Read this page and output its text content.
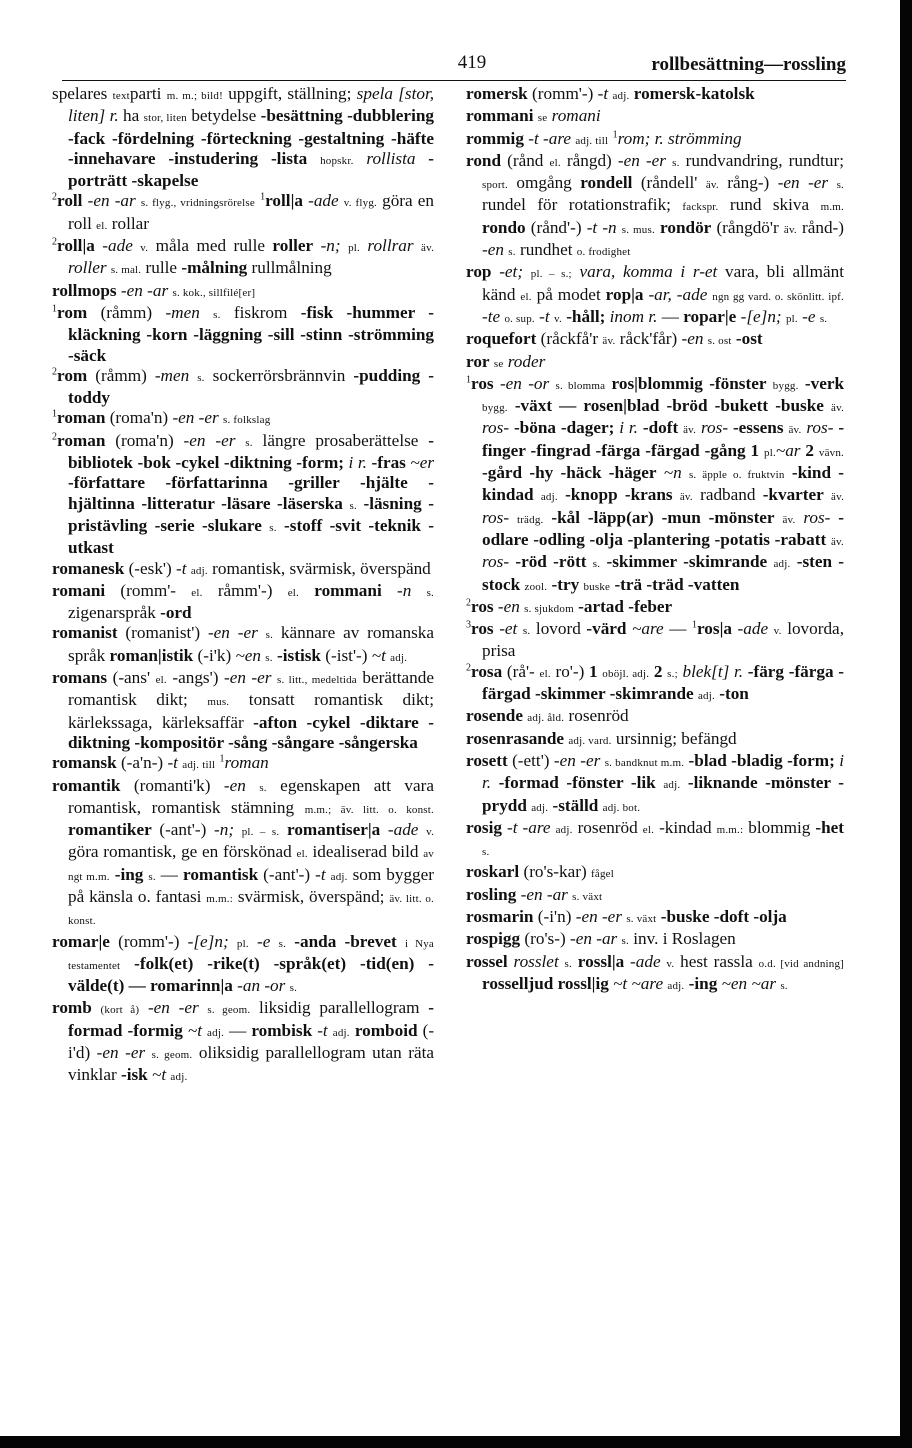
419	rollbesättning—rossling

spelares textparti m. m.; bild! uppgift, ställning; spela [stor, liten] r. ha stor, liten betydelse -besättning -dubblering -fack -fördelning -förteckning -gestaltning -häfte -innehavare -instudering -lista hopskr. rollista -porträtt -skapelse

$^2$roll -en -ar s. flyg., vridningsrörelse $^1$roll|a -ade v. flyg. göra en roll el. rollar

$^2$roll|a -ade v. måla med rulle roller -n; pl. rollrar äv. roller s. mal. rulle -målning rullmålning

rollmops -en -ar s. kok., sillfilé[er]

$^1$rom (råmm) -men s. fiskrom -fisk -hummer -kläckning -korn -läggning -sill -stinn -strömming -säck

$^2$rom (råmm) -men s. sockerrörsbrännvin -pudding -toddy

$^1$roman (roma'n) -en -er s. folkslag

$^2$roman (roma'n) -en -er s. längre prosaberättelse -bibliotek -bok -cykel -diktning -form; i r. -fras ~er -författare -författarinna -griller -hjälte -hjältinna -litteratur -läsare -läserska s. -läsning -pristävling -serie -slukare s. -stoff -svit -teknik -utkast

romanesk (-esk') -t adj. romantisk, svärmisk, överspänd

romani (romm'- el. råmm'-) el. rommani -n s. zigenarspråk -ord

romanist (romanist') -en -er s. kännare av romanska språk roman|istik (-i'k) ~en s. -istisk (-ist'-) ~t adj.

romans (-ans' el. -angs') -en -er s. litt., medeltida berättande romantisk dikt; mus. tonsatt romantisk dikt; kärlekssaga, kärleksaffär -afton -cykel -diktare -diktning -kompositör -sång -sångare -sångerska

romansk (-a'n-) -t adj. till $^1$roman

romantik (romanti'k) -en s. egenskapen att vara romantisk, romantisk stämning m.m.; äv. litt. o. konst. romantiker (-ant'-) -n; pl. – s. romantiser|a -ade v. göra romantisk, ge en förskönad el. idealiserad bild av ngt m.m. -ing s. — romantisk (-ant'-) -t adj. som bygger på känsla o. fantasi m.m.: svärmisk, överspänd; äv. litt. o. konst.

romar|e (romm'-) -[e]n; pl. -e s. -anda -brevet i Nya testamentet -folk(et) -rike(t) -språk(et) -tid(en) -välde(t) — romarinn|a -an -or s.

romb (kort å) -en -er s. geom. liksidig parallellogram -formad -formig ~t adj. — rombisk -t adj. romboid (-i'd) -en -er s. geom. oliksidig parallellogram utan räta vinklar -isk ~t adj.

romersk (romm'-) -t adj. romersk-katolsk

rommani se romani

rommig -t -are adj. till $^1$rom; r. strömming

rond (rånd el. rångd) -en -er s. rundvandring, rundtur; sport. omgång rondell (råndell' äv. rång-) -en -er s. rundel för rotationstrafik; fackspr. rund skiva m.m. rondo (rånd'-) -t -n s. mus. rondör (rångdö'r äv. rånd-) -en s. rundhet o. frodighet

rop -et; pl. – s.; vara, komma i r-et vara, bli allmänt känd el. på modet rop|a -ar, -ade ngn gg vard. o. skönlitt. ipf. -te o. sup. -t v. -håll; inom r. — ropar|e -[e]n; pl. -e s.

roquefort (råckfå'r äv. råck'får) -en s. ost -ost

ror se roder

$^1$ros -en -or s. blomma ros|blommig -fönster bygg. -verk bygg. -växt — rosen|blad -bröd -bukett -buske äv. ros- -böna -dager; i r. -doft äv. ros- -essens äv. ros- -finger -fingrad -färga -färgad -gång 1 pl.~ar 2 vävn. -gård -hy -häck -häger ~n s. äpple o. fruktvin -kind -kindad adj. -knopp -krans äv. radband -kvarter äv. ros- trädg. -kål -läpp(ar) -mun -mönster äv. ros- -odlare -odling -olja -plantering -potatis -rabatt äv. ros- -röd -rött s. -skimmer -skimrande adj. -sten -stock zool. -try buske -trä -träd -vatten

$^2$ros -en s. sjukdom -artad -feber

$^3$ros -et s. lovord -värd ~are — $^1$ros|a -ade v. lovorda, prisa

$^2$rosa (rå'- el. ro'-) 1 oböjl. adj. 2 s.; blek[t] r. -färg -färga -färgad -skimmer -skimrande adj. -ton

rosende adj. åld. rosenröd

rosenrasande adj. vard. ursinnig; befängd

rosett (-ett') -en -er s. bandknut m.m. -blad -bladig -form; i r. -formad -fönster -lik adj. -liknande -mönster -prydd adj. -ställd adj. bot.

rosig -t -are adj. rosenröd el. -kindad m.m.: blommig -het s.

roskarl (ro's-kar) fågel

rosling -en -ar s. växt

rosmarin (-i'n) -en -er s. växt -buske -doft -olja

rospigg (ro's-) -en -ar s. inv. i Roslagen

rossel rosslet s. rossl|a -ade v. hest rassla o.d. [vid andning] rosselljud rossl|ig ~t ~are adj. -ing ~en ~ar s.
